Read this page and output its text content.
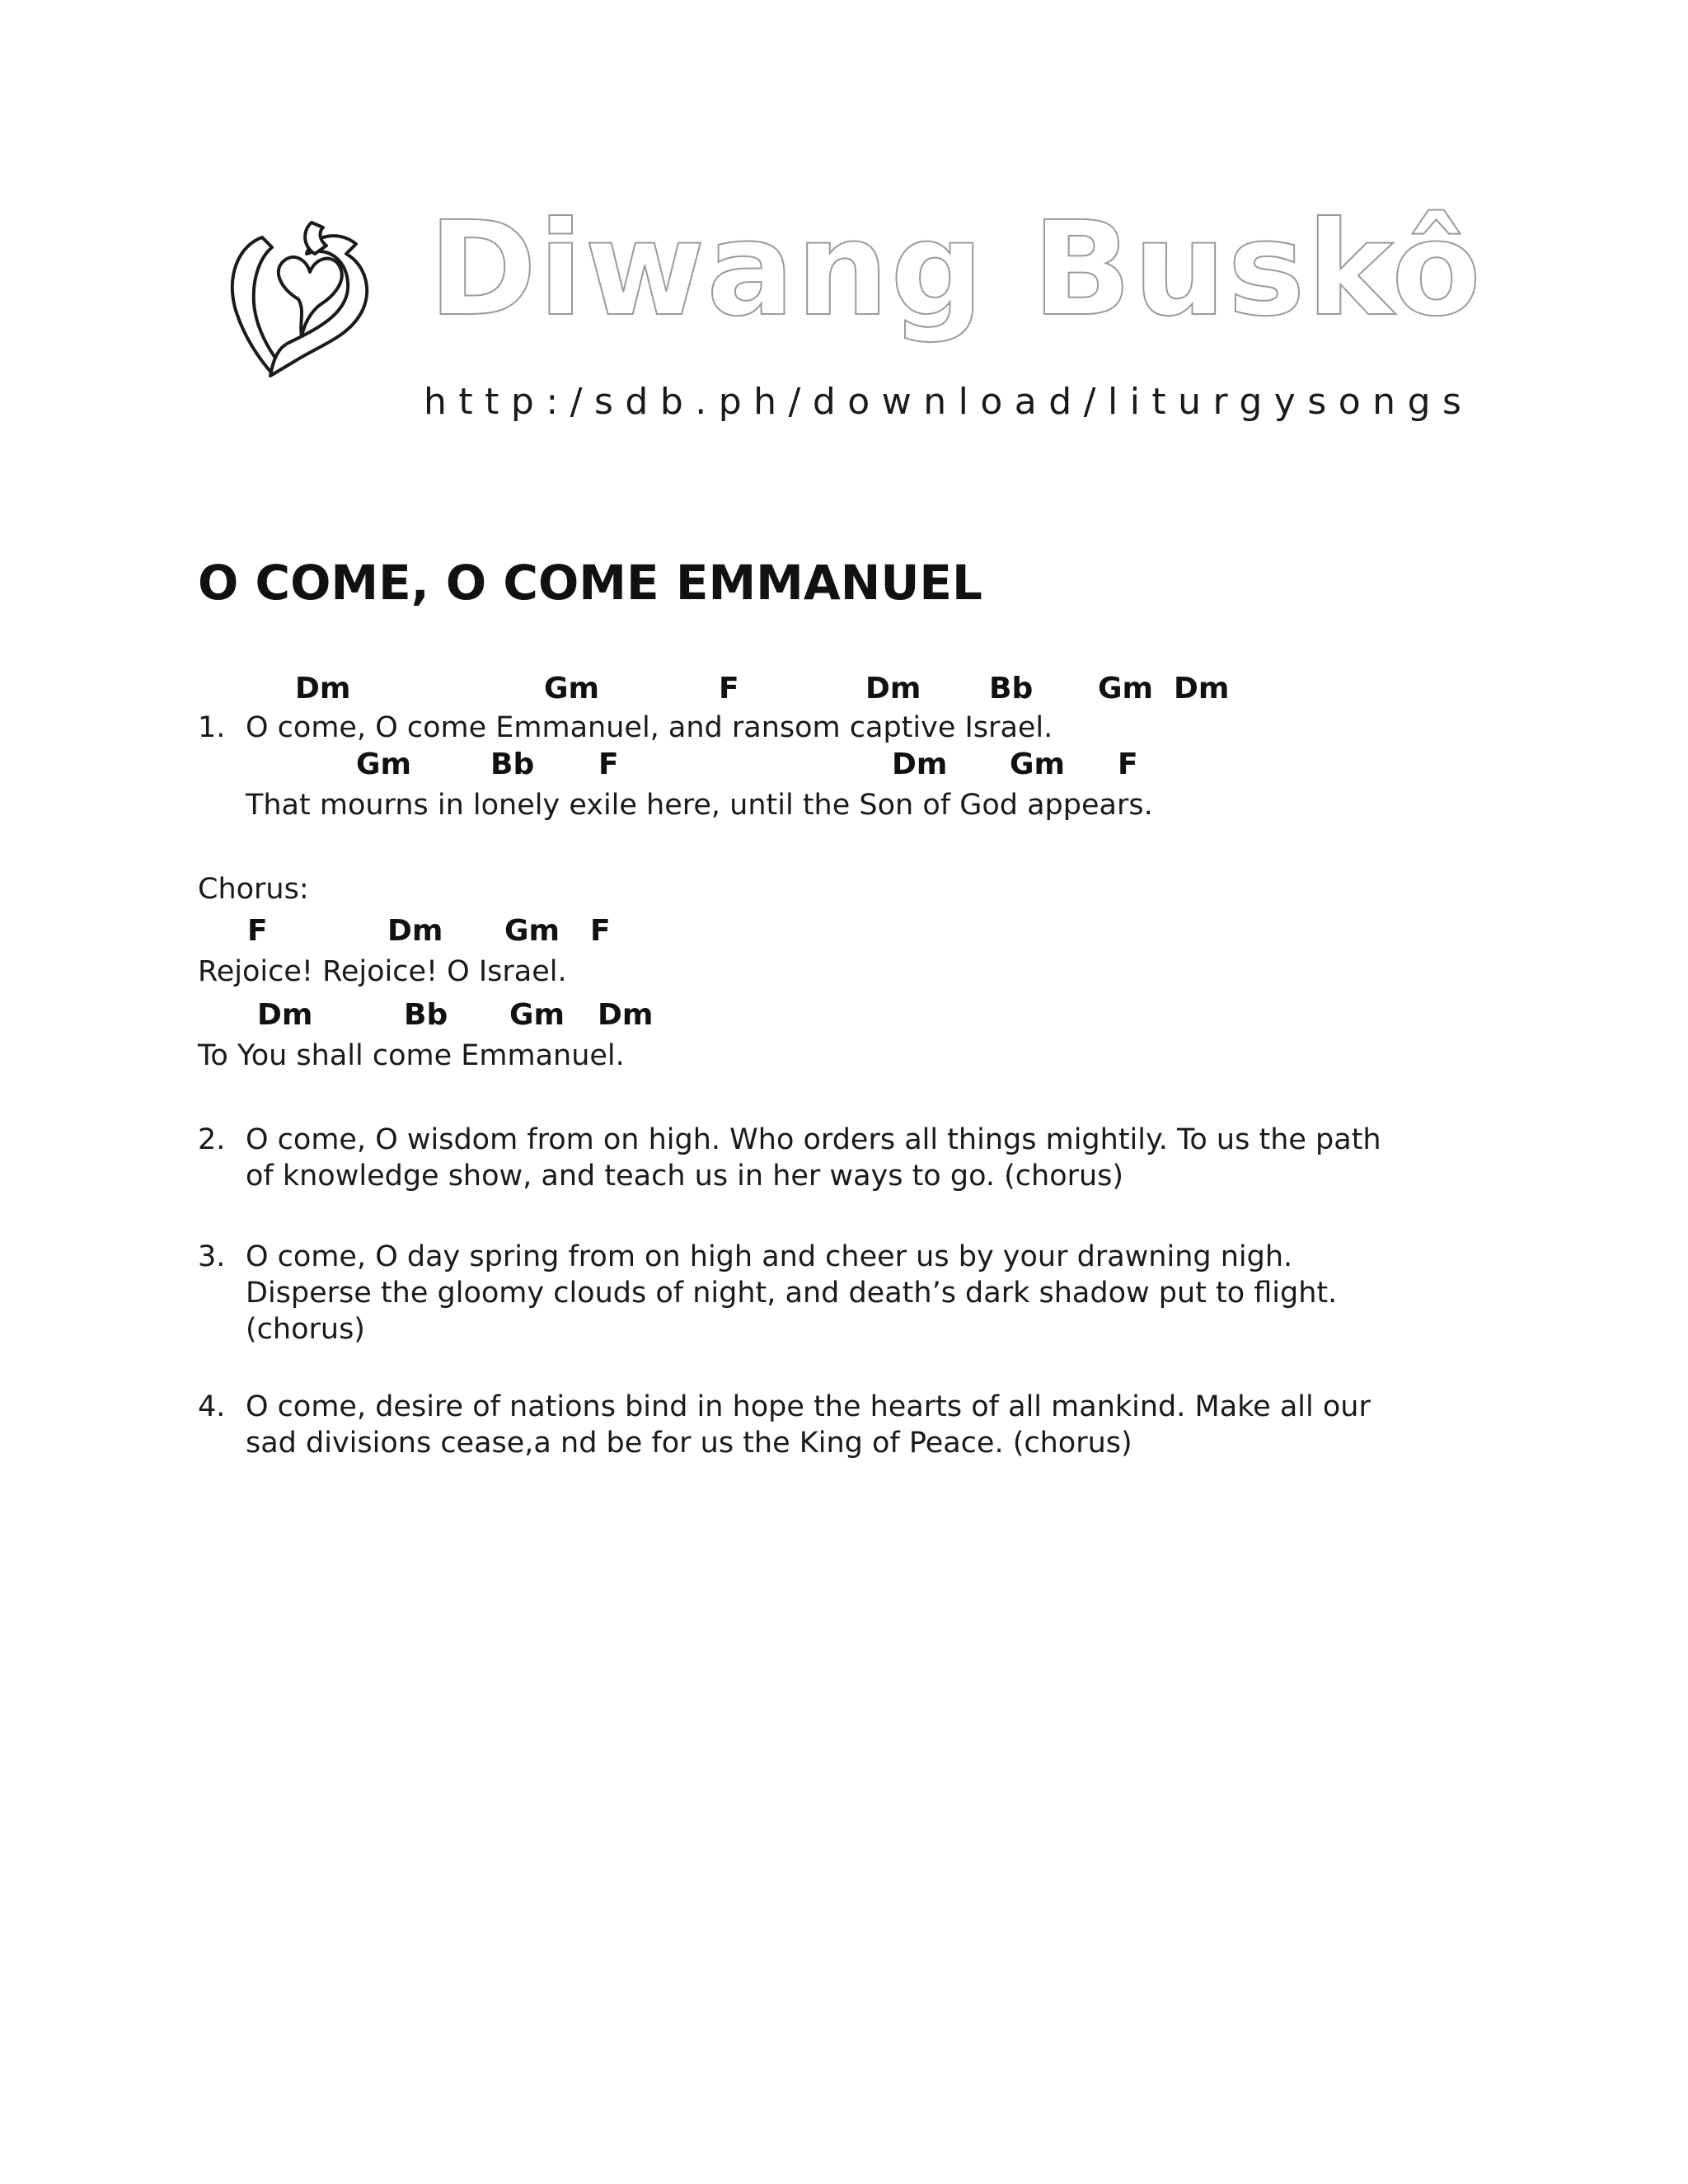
Diwang Buskô
http:/sdb.ph/download/liturgysongs
O COME, O COME EMMANUEL
Dm	Gm	F	Dm Bb Gm Dm
1. O come, O come Emmanuel, and ransom captive Israel.
Gm	Bb F	Dm Gm F
That mourns in lonely exile here, until the Son of God appears.
Chorus:
F	Dm Gm F
Rejoice! Rejoice! O Israel.
Dm	Bb Gm Dm
To You shall come Emmanuel.
2. O come, O wisdom from on high. Who orders all things mightily. To us the path
of knowledge show, and teach us in her ways to go. (chorus)
3. O come, O day spring from on high and cheer us by your drawning nigh.
Disperse the gloomy clouds of night, and death’s dark shadow put to flight.
(chorus)
4. O come, desire of nations bind in hope the hearts of all mankind. Make all our
sad divisions cease,a nd be for us the King of Peace. (chorus)
